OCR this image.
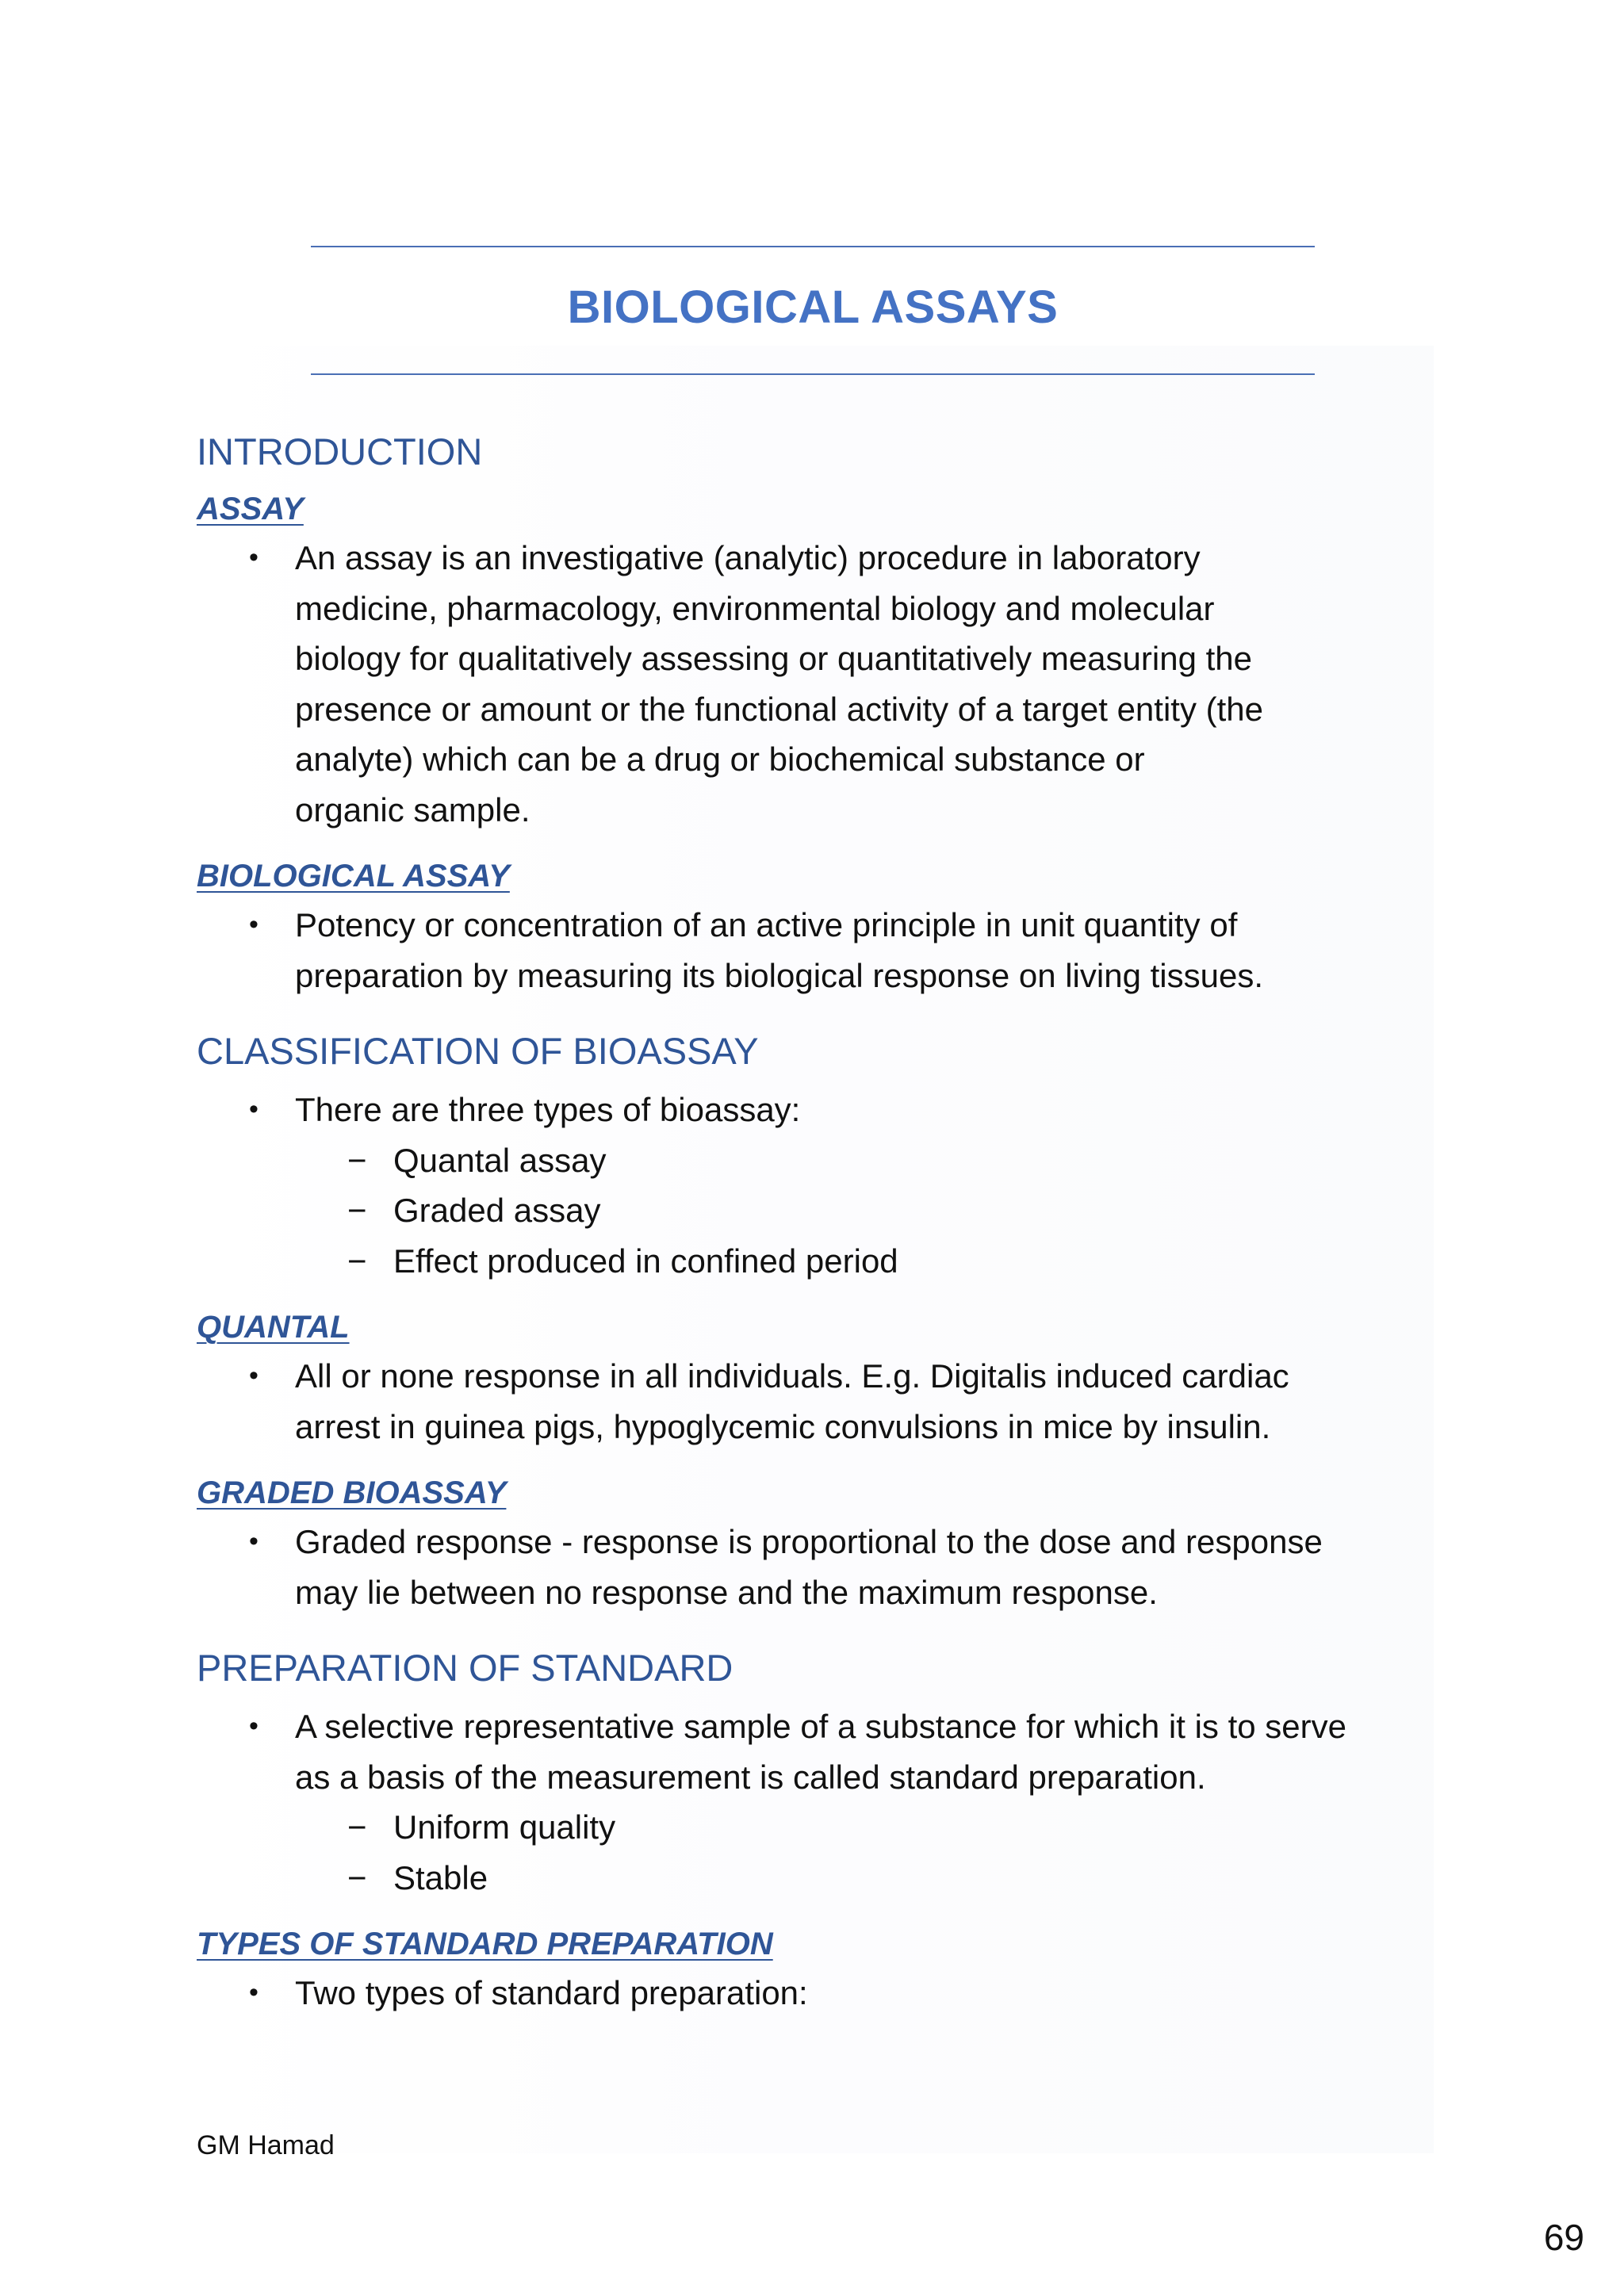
BIOLOGICAL ASSAYS
INTRODUCTION
ASSAY

• An assay is an investigative (analytic) procedure in laboratory

medicine, pharmacology, environmental biology and molecular

biology for qualitatively assessing or quantitatively measuring the

presence or amount or the functional activity of a target entity (the

analyte) which can be a drug or biochemical substance or

organic sample.

BIOLOGICAL ASSAY

• Potency or concentration of an active principle in unit quantity of

preparation by measuring its biological response on living tissues.

CLASSIFICATION OF BIOASSAY

• There are three types of bioassay:

− Quantal assay

− Graded assay

− Effect produced in confined period

QUANTAL

• All or none response in all individuals. E.g. Digitalis induced cardiac

arrest in guinea pigs, hypoglycemic convulsions in mice by insulin.

GRADED BIOASSAY

• Graded response - response is proportional to the dose and response

may lie between no response and the maximum response.

PREPARATION OF STANDARD

• A selective representative sample of a substance for which it is to serve

as a basis of the measurement is called standard preparation.

− Uniform quality

− Stable

TYPES OF STANDARD PREPARATION

• Two types of standard preparation:

GM Hamad
69
